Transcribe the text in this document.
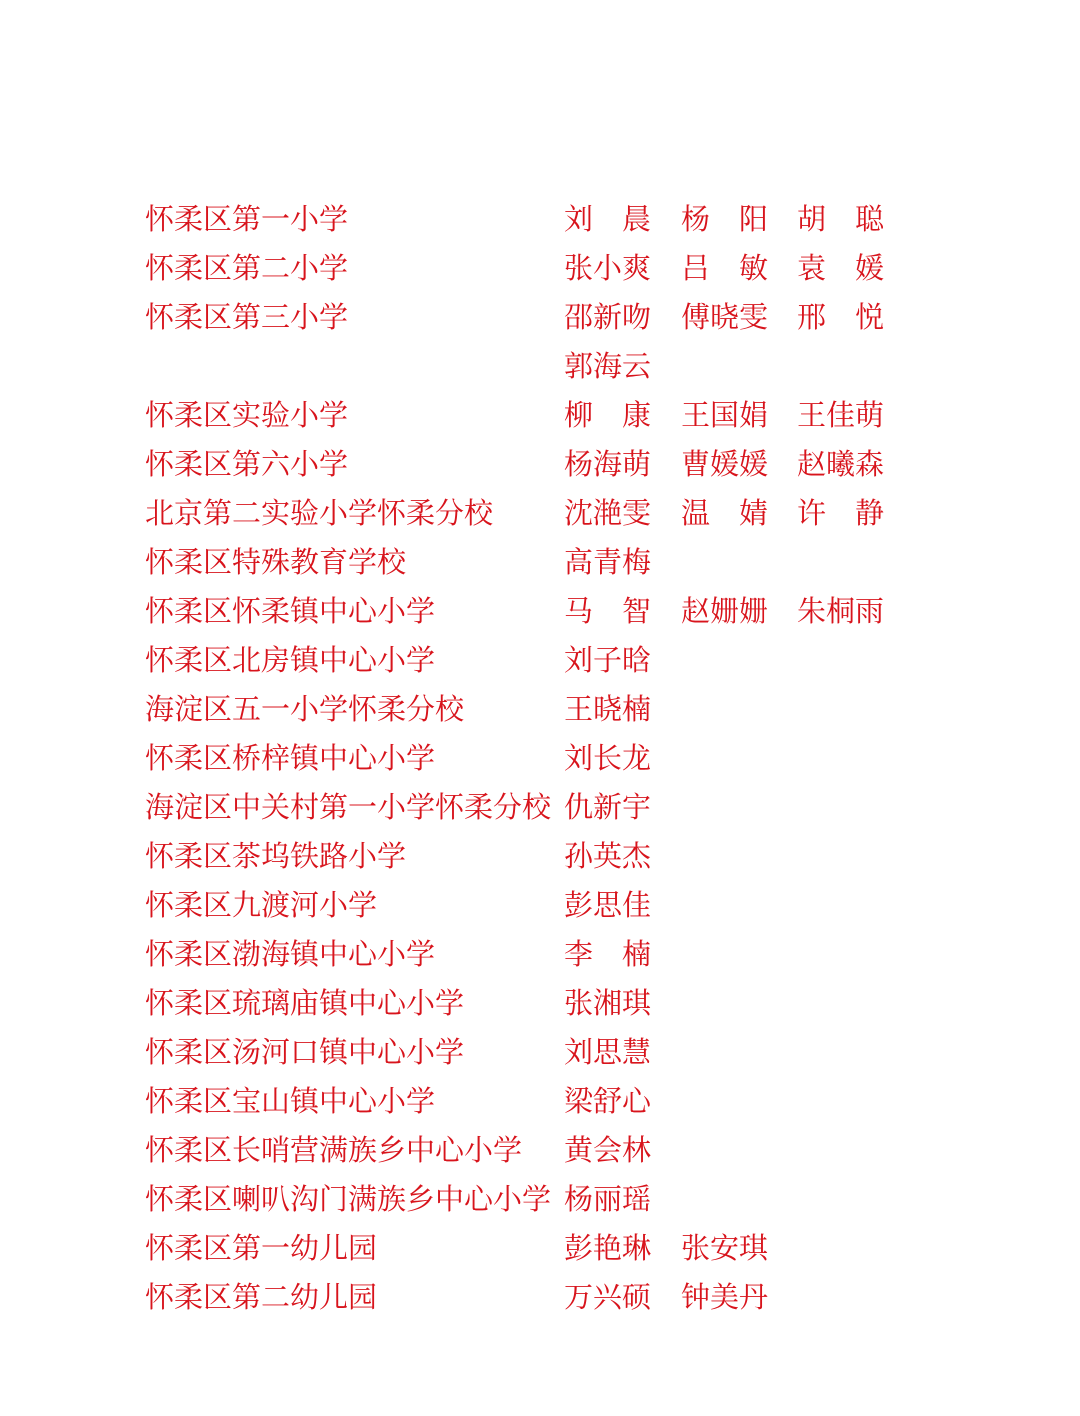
怀柔区第一小学	刘　晨 杨　阳 胡　聪
怀柔区第二小学	张小爽 吕　敏 袁　媛
怀柔区第三小学	邵新吻 傅晓雯 邢　悦
郭海云
怀柔区实验小学	柳　康 王国娟 王佳萌
怀柔区第六小学	杨海萌 曹媛媛 赵曦森
北京第二实验小学怀柔分校	沈滟雯 温　婧 许　静
怀柔区特殊教育学校	高青梅
怀柔区怀柔镇中心小学	马　智 赵姗姗 朱桐雨
怀柔区北房镇中心小学	刘子晗
海淀区五一小学怀柔分校	王晓楠
怀柔区桥梓镇中心小学	刘长龙
海淀区中关村第一小学怀柔分校 仇新宇
怀柔区茶坞铁路小学	孙英杰
怀柔区九渡河小学	彭思佳
怀柔区渤海镇中心小学	李　楠
怀柔区琉璃庙镇中心小学	张湘琪
怀柔区汤河口镇中心小学	刘思慧
怀柔区宝山镇中心小学	梁舒心
怀柔区长哨营满族乡中心小学	黄会林
怀柔区喇叭沟门满族乡中心小学 杨丽瑶
怀柔区第一幼儿园	彭艳琳 张安琪
怀柔区第二幼儿园	万兴硕 钟美丹
